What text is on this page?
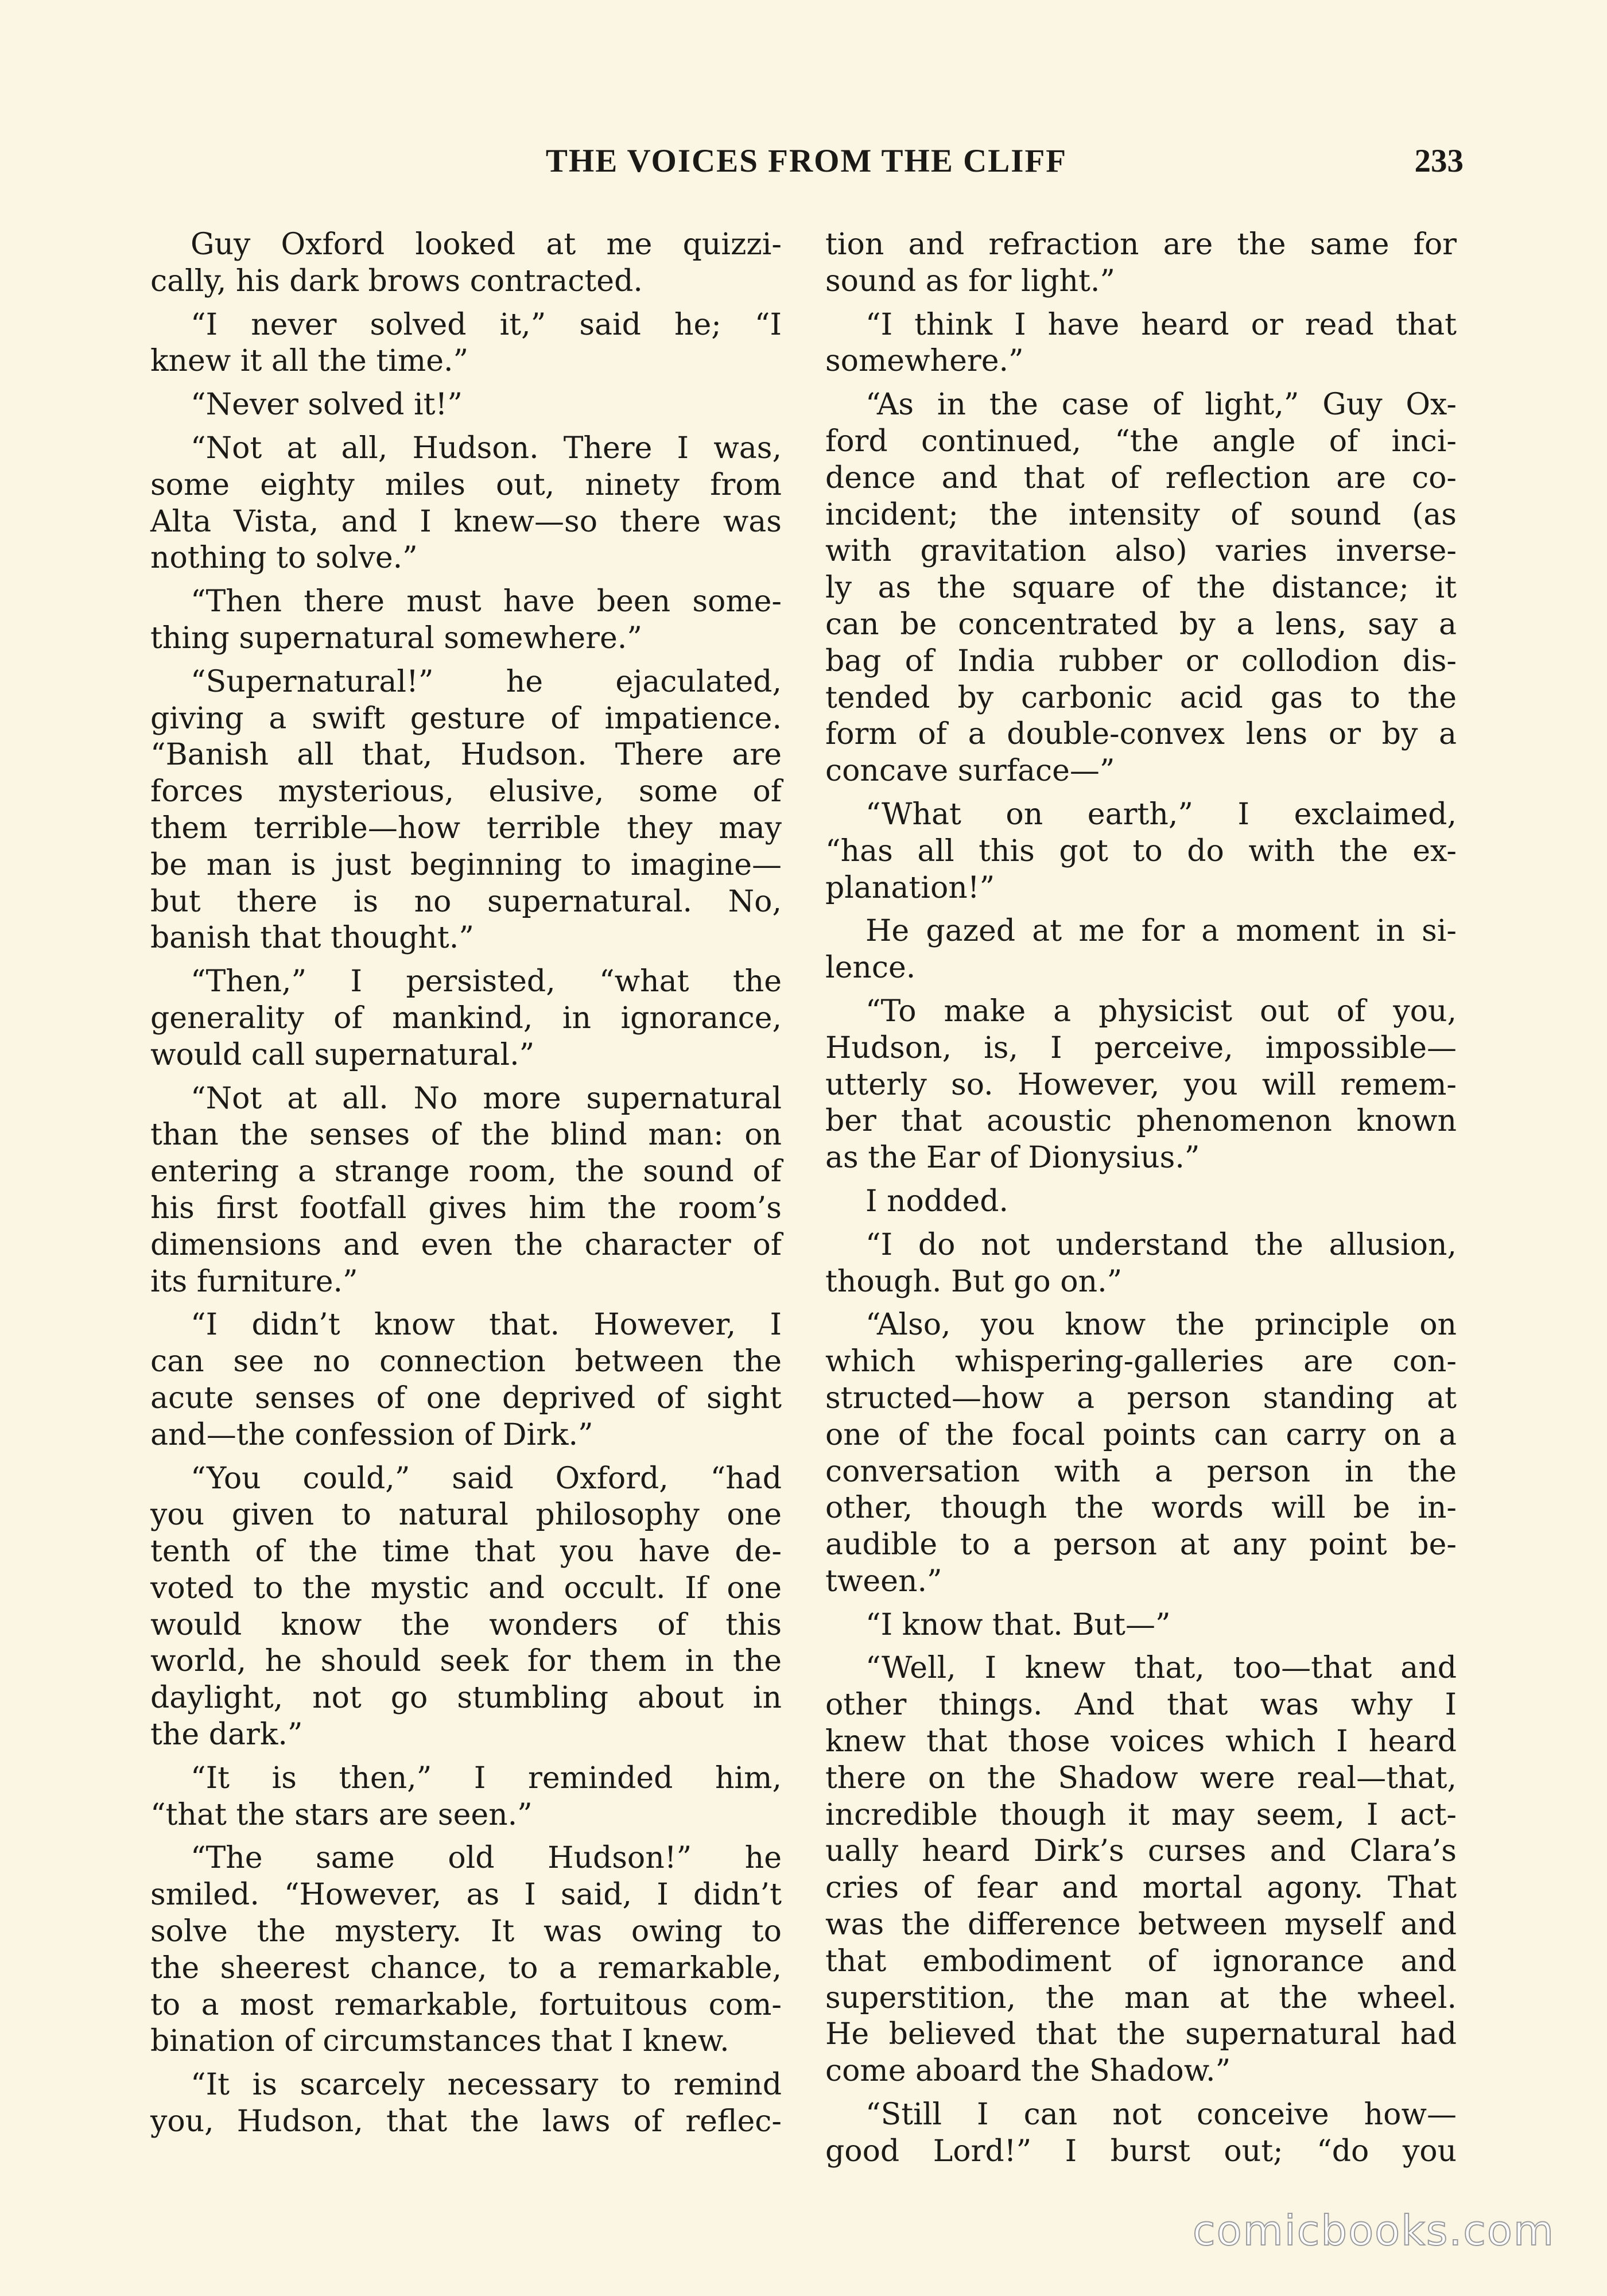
THE VOICES FROM THE CLIFF	233
Guy Oxford looked at me quizzi-
cally, his dark brows contracted.
“I never solved it,” said he; “I
knew it all the time.”
“Never solved it!”
“Not at all, Hudson. There I was,
some eighty miles out, ninety from
Alta Vista, and I knew—so there was
nothing to solve.”
“Then there must have been some-
thing supernatural somewhere.”
“Supernatural!” he ejaculated,
giving a swift gesture of impatience.
“Banish all that, Hudson. There are
forces mysterious, elusive, some of
them terrible—how terrible they may
be man is just beginning to imagine—
but there is no supernatural. No,
banish that thought.”
“Then,” I persisted, “what the
generality of mankind, in ignorance,
would call supernatural.”
“Not at all. No more supernatural
than the senses of the blind man: on
entering a strange room, the sound of
his first footfall gives him the room’s
dimensions and even the character of
its furniture.”
“I didn’t know that. However, I
can see no connection between the
acute senses of one deprived of sight
and—the confession of Dirk.”
“You could,” said Oxford, “had
you given to natural philosophy one
tenth of the time that you have de-
voted to the mystic and occult. If one
would know the wonders of this
world, he should seek for them in the
daylight, not go stumbling about in
the dark.”
“It is then,” I reminded him,
“that the stars are seen.”
“The same old Hudson!” he
smiled. “However, as I said, I didn’t
solve the mystery. It was owing to
the sheerest chance, to a remarkable,
to a most remarkable, fortuitous com-
bination of circumstances that I knew.
“It is scarcely necessary to remind
you, Hudson, that the laws of reflec-
tion and refraction are the same for
sound as for light.”
“I think I have heard or read that
somewhere.”
“As in the case of light,” Guy Ox-
ford continued, “the angle of inci-
dence and that of reflection are co-
incident; the intensity of sound (as
with gravitation also) varies inverse-
ly as the square of the distance; it
can be concentrated by a lens, say a
bag of India rubber or collodion dis-
tended by carbonic acid gas to the
form of a double-convex lens or by a
concave surface—”
“What on earth,” I exclaimed,
“has all this got to do with the ex-
planation!”
He gazed at me for a moment in si-
lence.
“To make a physicist out of you,
Hudson, is, I perceive, impossible—
utterly so. However, you will remem-
ber that acoustic phenomenon known
as the Ear of Dionysius.”
I nodded.
“I do not understand the allusion,
though. But go on.”
“Also, you know the principle on
which whispering-galleries are con-
structed—how a person standing at
one of the focal points can carry on a
conversation with a person in the
other, though the words will be in-
audible to a person at any point be-
tween.”
“I know that. But—”
“Well, I knew that, too—that and
other things. And that was why I
knew that those voices which I heard
there on the Shadow were real—that,
incredible though it may seem, I act-
ually heard Dirk’s curses and Clara’s
cries of fear and mortal agony. That
was the difference between myself and
that embodiment of ignorance and
superstition, the man at the wheel.
He believed that the supernatural had
come aboard the Shadow.”
“Still I can not conceive how—
good Lord!” I burst out; “do you
comicbooks.com
